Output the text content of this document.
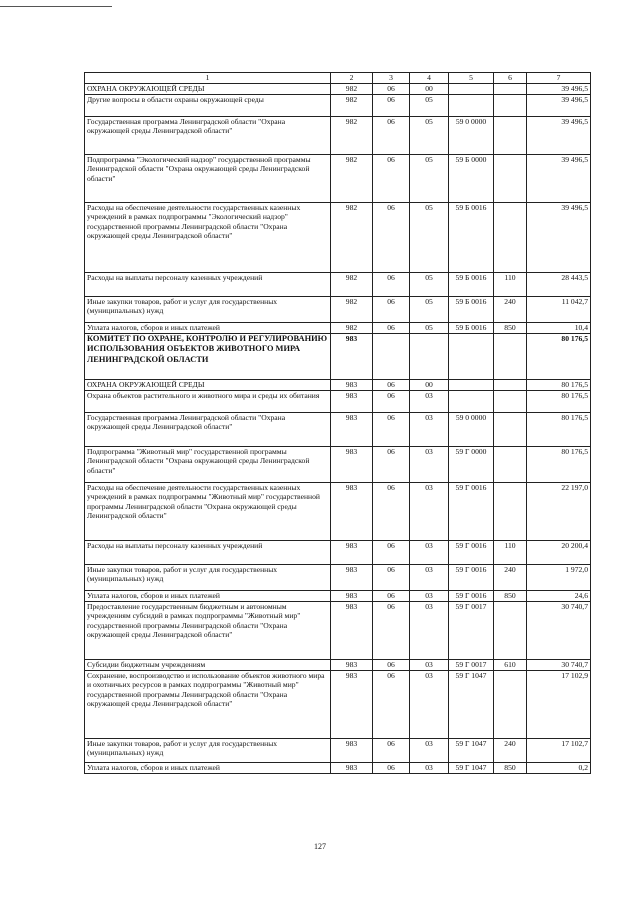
1	2	3	4	5	6	7
ОХРАНА ОКРУЖАЮЩЕЙ СРЕДЫ	982	06	00			39 496,5
Другие вопросы в области охраны окружающей среды	982	06	05			39 496,5
Государственная программа Ленинградской области "Охрана окружающей среды Ленинградской области"	982	06	05	59 0 0000		39 496,5
Подпрограмма "Экологический надзор" государственной программы Ленинградской области "Охрана окружающей среды Ленинградской области"	982	06	05	59 Б 0000		39 496,5
Расходы на обеспечение деятельности государственных казенных учреждений в рамках подпрограммы "Экологический надзор" государственной программы Ленинградской области "Охрана окружающей среды Ленинградской области"	982	06	05	59 Б 0016		39 496,5
Расходы на выплаты персоналу казенных учреждений	982	06	05	59 Б 0016	110	28 443,5
Иные закупки товаров, работ и услуг для государственных (муниципальных) нужд	982	06	05	59 Б 0016	240	11 042,7
Уплата налогов, сборов и иных платежей	982	06	05	59 Б 0016	850	10,4
КОМИТЕТ ПО ОХРАНЕ, КОНТРОЛЮ И РЕГУЛИРОВАНИЮ ИСПОЛЬЗОВАНИЯ ОБЪЕКТОВ ЖИВОТНОГО МИРА ЛЕНИНГРАДСКОЙ ОБЛАСТИ	983					80 176,5
ОХРАНА ОКРУЖАЮЩЕЙ СРЕДЫ	983	06	00			80 176,5
Охрана объектов растительного и животного мира и среды их обитания	983	06	03			80 176,5
Государственная программа Ленинградской области "Охрана окружающей среды Ленинградской области"	983	06	03	59 0 0000		80 176,5
Подпрограмма "Животный мир" государственной программы Ленинградской области "Охрана окружающей среды Ленинградской области"	983	06	03	59 Г 0000		80 176,5
Расходы на обеспечение деятельности государственных казенных учреждений в рамках подпрограммы "Животный мир" государственной программы Ленинградской области "Охрана окружающей среды Ленинградской области"	983	06	03	59 Г 0016		22 197,0
Расходы на выплаты персоналу казенных учреждений	983	06	03	59 Г 0016	110	20 200,4
Иные закупки товаров, работ и услуг для государственных (муниципальных) нужд	983	06	03	59 Г 0016	240	1 972,0
Уплата налогов, сборов и иных платежей	983	06	03	59 Г 0016	850	24,6
Предоставление государственным бюджетным и автономным учреждениям субсидий в рамках подпрограммы "Животный мир" государственной программы Ленинградской области "Охрана окружающей среды Ленинградской области"	983	06	03	59 Г 0017		30 740,7
Субсидии бюджетным учреждениям	983	06	03	59 Г 0017	610	30 740,7
Сохранение, воспроизводство и использование объектов животного мира и охотничьих ресурсов в рамках подпрограммы "Животный мир" государственной программы Ленинградской области "Охрана окружающей среды Ленинградской области"	983	06	03	59 Г 1047		17 102,9
Иные закупки товаров, работ и услуг для государственных (муниципальных) нужд	983	06	03	59 Г 1047	240	17 102,7
Уплата налогов, сборов и иных платежей	983	06	03	59 Г 1047	850	0,2
127
